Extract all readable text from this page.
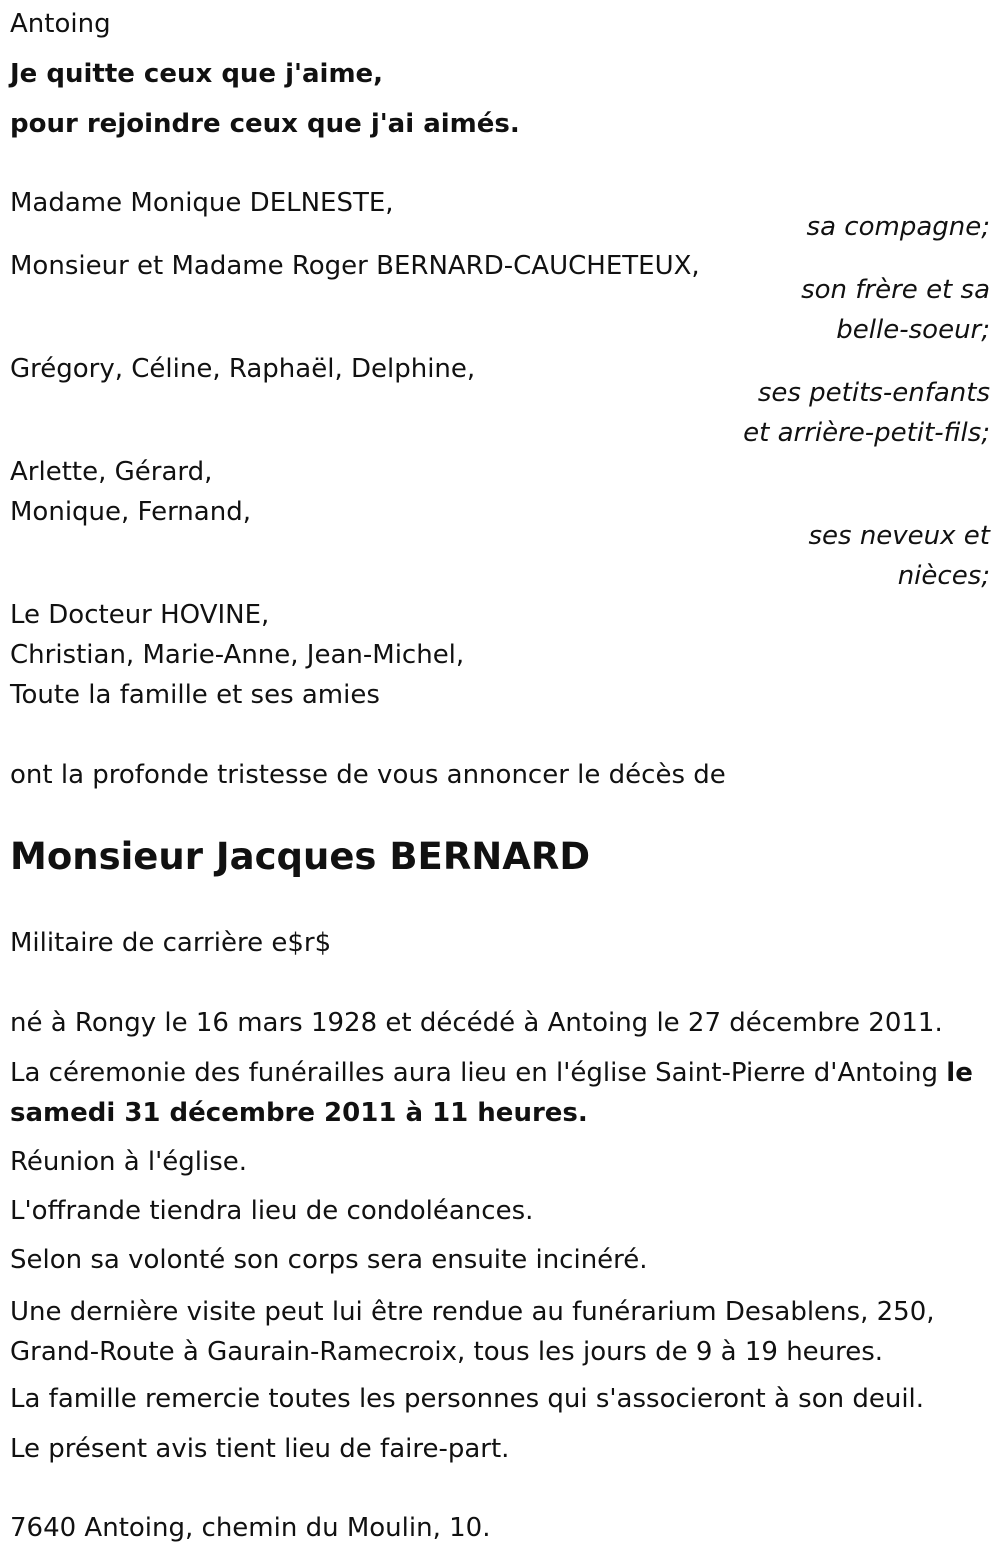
Antoing
Je quitte ceux que j'aime,
pour rejoindre ceux que j'ai aimés.
Madame Monique DELNESTE,
sa compagne;
Monsieur et Madame Roger BERNARD-CAUCHETEUX,
son frère et sa
belle-soeur;
Grégory, Céline, Raphaël, Delphine,
ses petits-enfants
et arrière-petit-fils;
Arlette, Gérard,
Monique, Fernand,
ses neveux et
nièces;
Le Docteur HOVINE,
Christian, Marie-Anne, Jean-Michel,
Toute la famille et ses amies
ont la profonde tristesse de vous annoncer le décès de
Monsieur Jacques BERNARD
Militaire de carrière e$r$
né à Rongy le 16 mars 1928 et décédé à Antoing le 27 décembre 2011.
La céremonie des funérailles aura lieu en l'église Saint-Pierre d'Antoing le samedi 31 décembre 2011 à 11 heures.
Réunion à l'église.
L'offrande tiendra lieu de condoléances.
Selon sa volonté son corps sera ensuite incinéré.
Une dernière visite peut lui être rendue au funérarium Desablens, 250, Grand-Route à Gaurain-Ramecroix, tous les jours de 9 à 19 heures.
La famille remercie toutes les personnes qui s'associeront à son deuil.
Le présent avis tient lieu de faire-part.
7640 Antoing, chemin du Moulin, 10.
